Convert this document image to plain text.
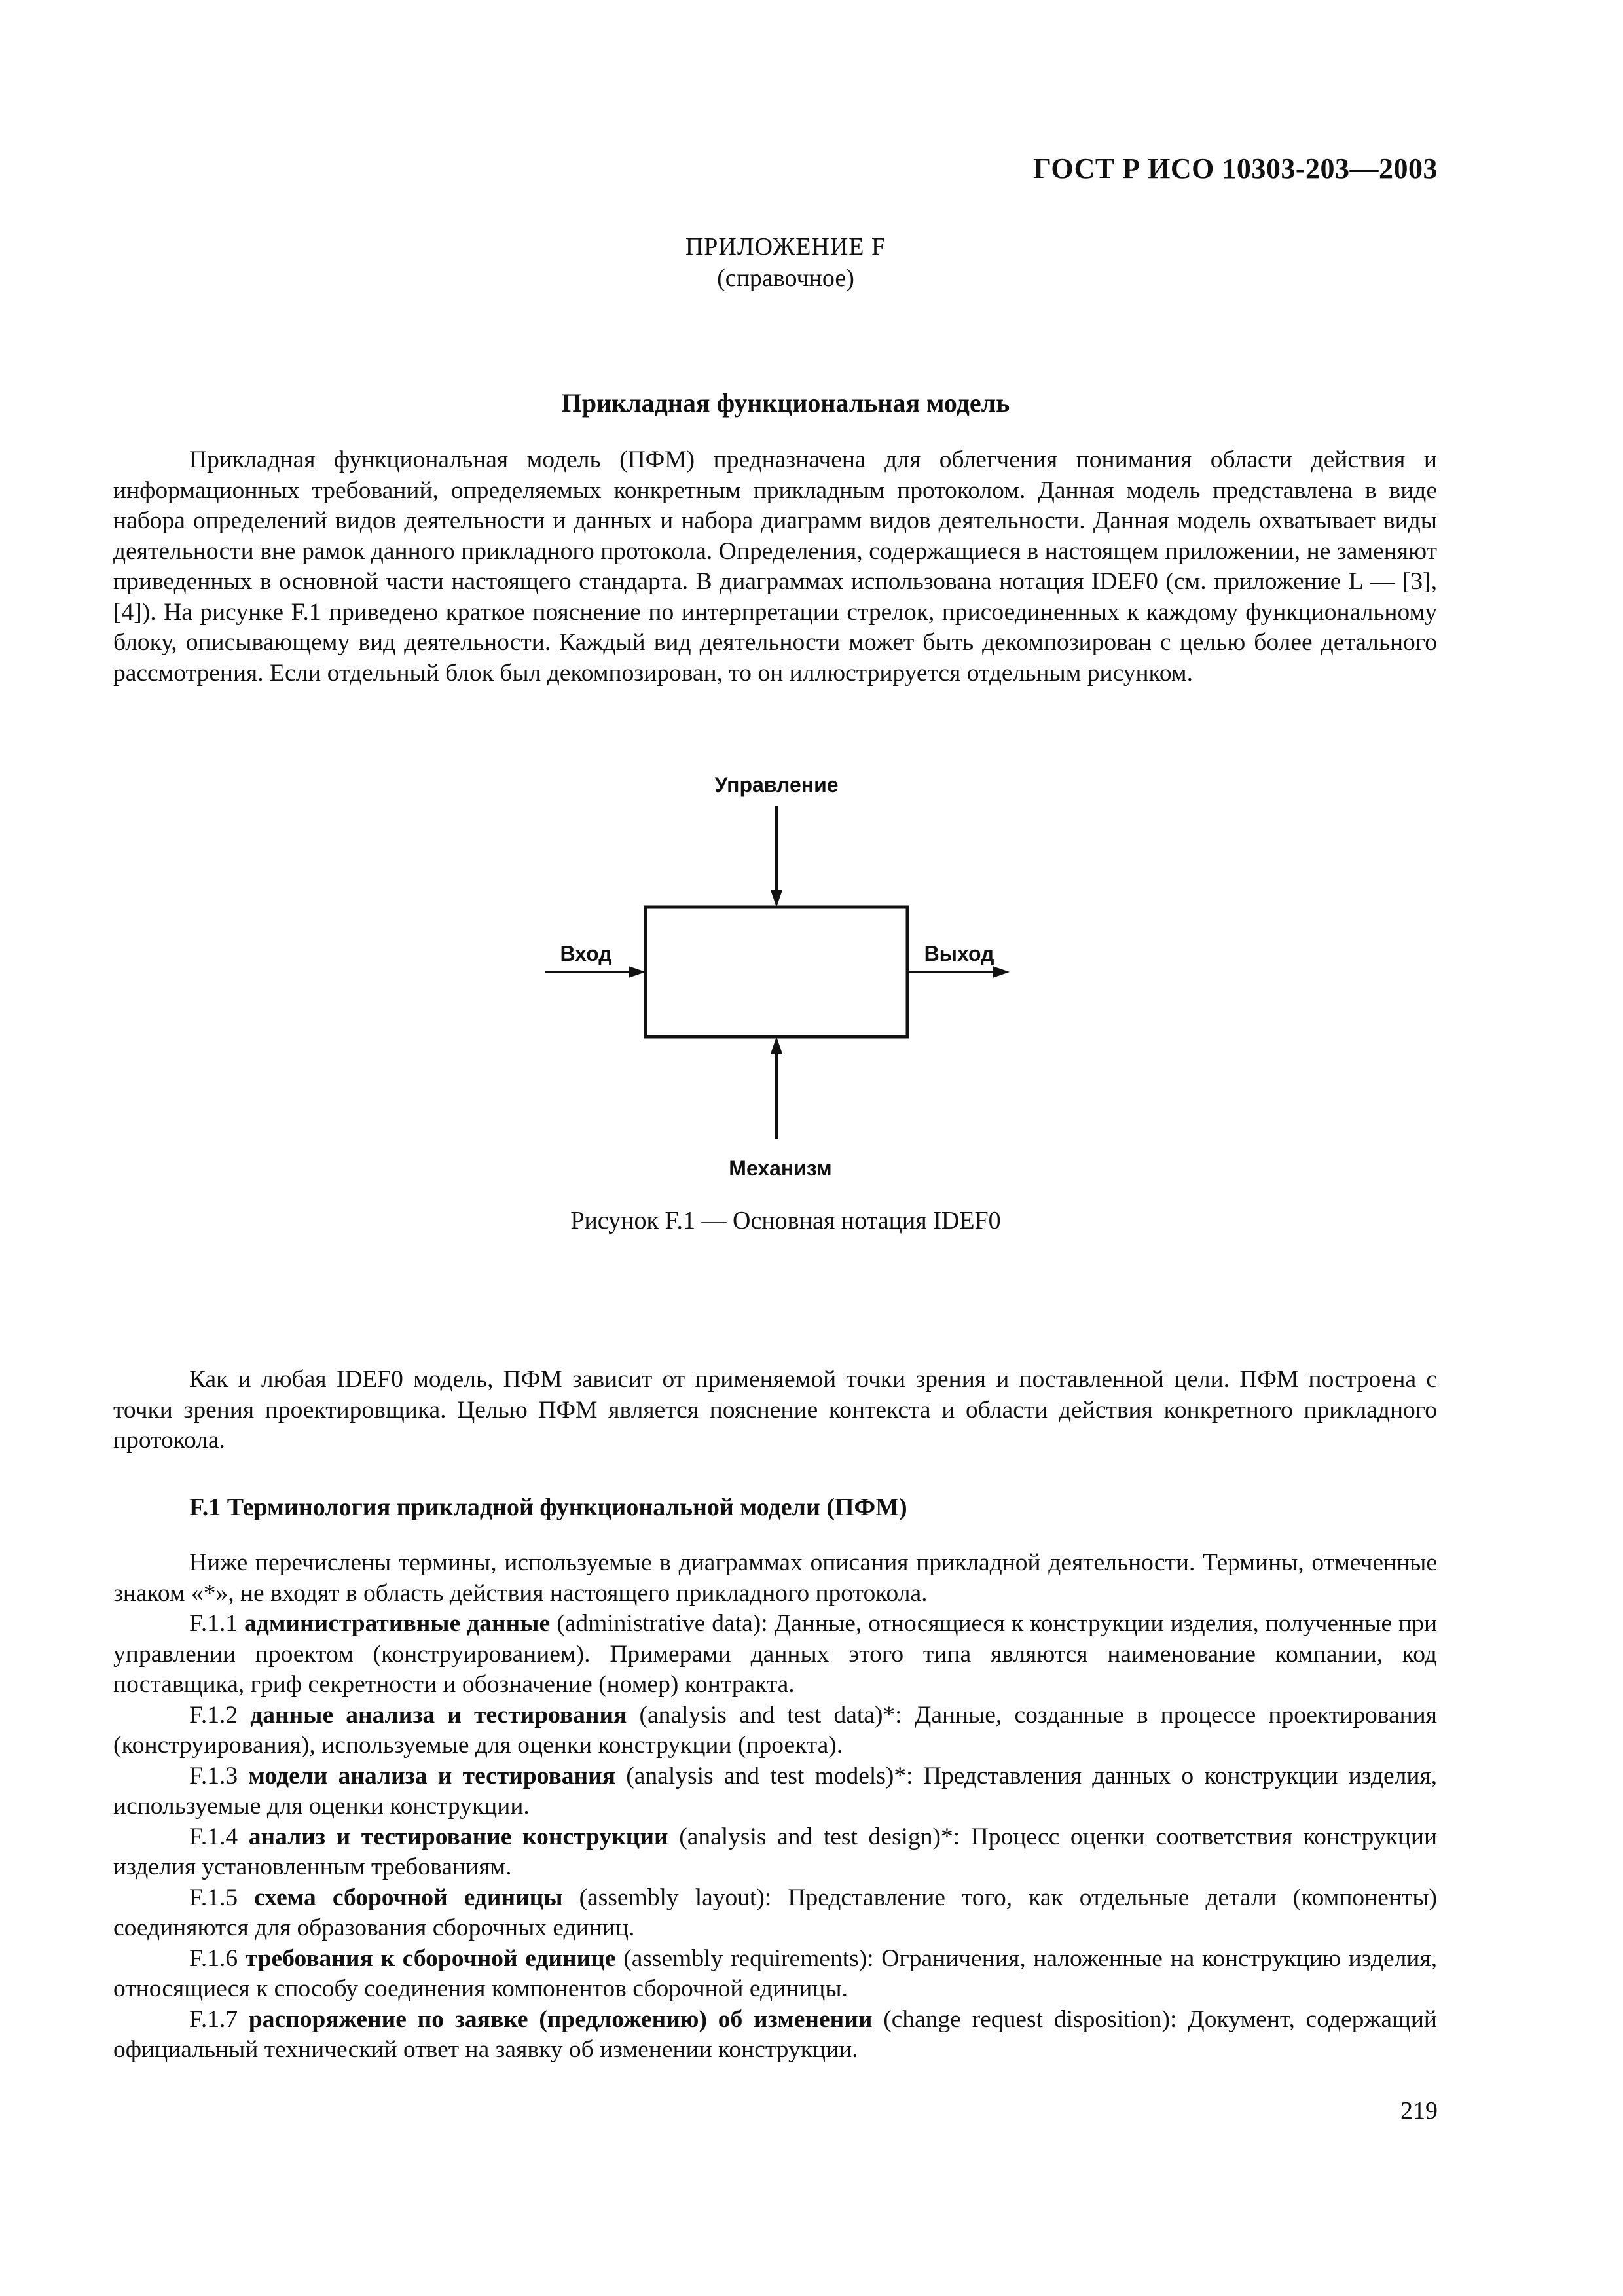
ГОСТ Р ИСО 10303-203—2003
ПРИЛОЖЕНИЕ F
(справочное)
Прикладная функциональная модель

Прикладная функциональная модель (ПФМ) предназначена для облегчения понимания области действия и информационных требований, определяемых конкретным прикладным протоколом. Данная модель представлена в виде набора определений видов деятельности и данных и набора диаграмм видов деятельности. Данная модель охватывает виды деятельности вне рамок данного прикладного протокола. Определения, содержащиеся в настоящем приложении, не заменяют приведенных в основной части настоящего стандарта. В диаграммах использована нотация IDEF0 (см. приложение L — [3], [4]). На рисунке F.1 приведено краткое пояснение по интерпретации стрелок, присоединенных к каждому функциональному блоку, описывающему вид деятельности. Каждый вид деятельности может быть декомпозирован с целью более детального рассмотрения. Если отдельный блок был декомпозирован, то он иллюстрируется отдельным рисунком.

Управление
Вход	Выход
Механизм
Рисунок F.1 — Основная нотация IDEF0

Как и любая IDEF0 модель, ПФМ зависит от применяемой точки зрения и поставленной цели. ПФМ построена с точки зрения проектировщика. Целью ПФМ является пояснение контекста и области действия конкретного прикладного протокола.

F.1 Терминология прикладной функциональной модели (ПФМ)

Ниже перечислены термины, используемые в диаграммах описания прикладной деятельности. Термины, отмеченные знаком «*», не входят в область действия настоящего прикладного протокола.

F.1.1 административные данные (administrative data): Данные, относящиеся к конструкции изделия, полученные при управлении проектом (конструированием). Примерами данных этого типа являются наименование компании, код поставщика, гриф секретности и обозначение (номер) контракта.

F.1.2 данные анализа и тестирования (analysis and test data)*: Данные, созданные в процессе проектирования (конструирования), используемые для оценки конструкции (проекта).

F.1.3 модели анализа и тестирования (analysis and test models)*: Представления данных о конструкции изделия, используемые для оценки конструкции.

F.1.4 анализ и тестирование конструкции (analysis and test design)*: Процесс оценки соответствия конструкции изделия установленным требованиям.

F.1.5 схема сборочной единицы (assembly layout): Представление того, как отдельные детали (компоненты) соединяются для образования сборочных единиц.

F.1.6 требования к сборочной единице (assembly requirements): Ограничения, наложенные на конструкцию изделия, относящиеся к способу соединения компонентов сборочной единицы.

F.1.7 распоряжение по заявке (предложению) об изменении (change request disposition): Документ, содержащий официальный технический ответ на заявку об изменении конструкции.

219
